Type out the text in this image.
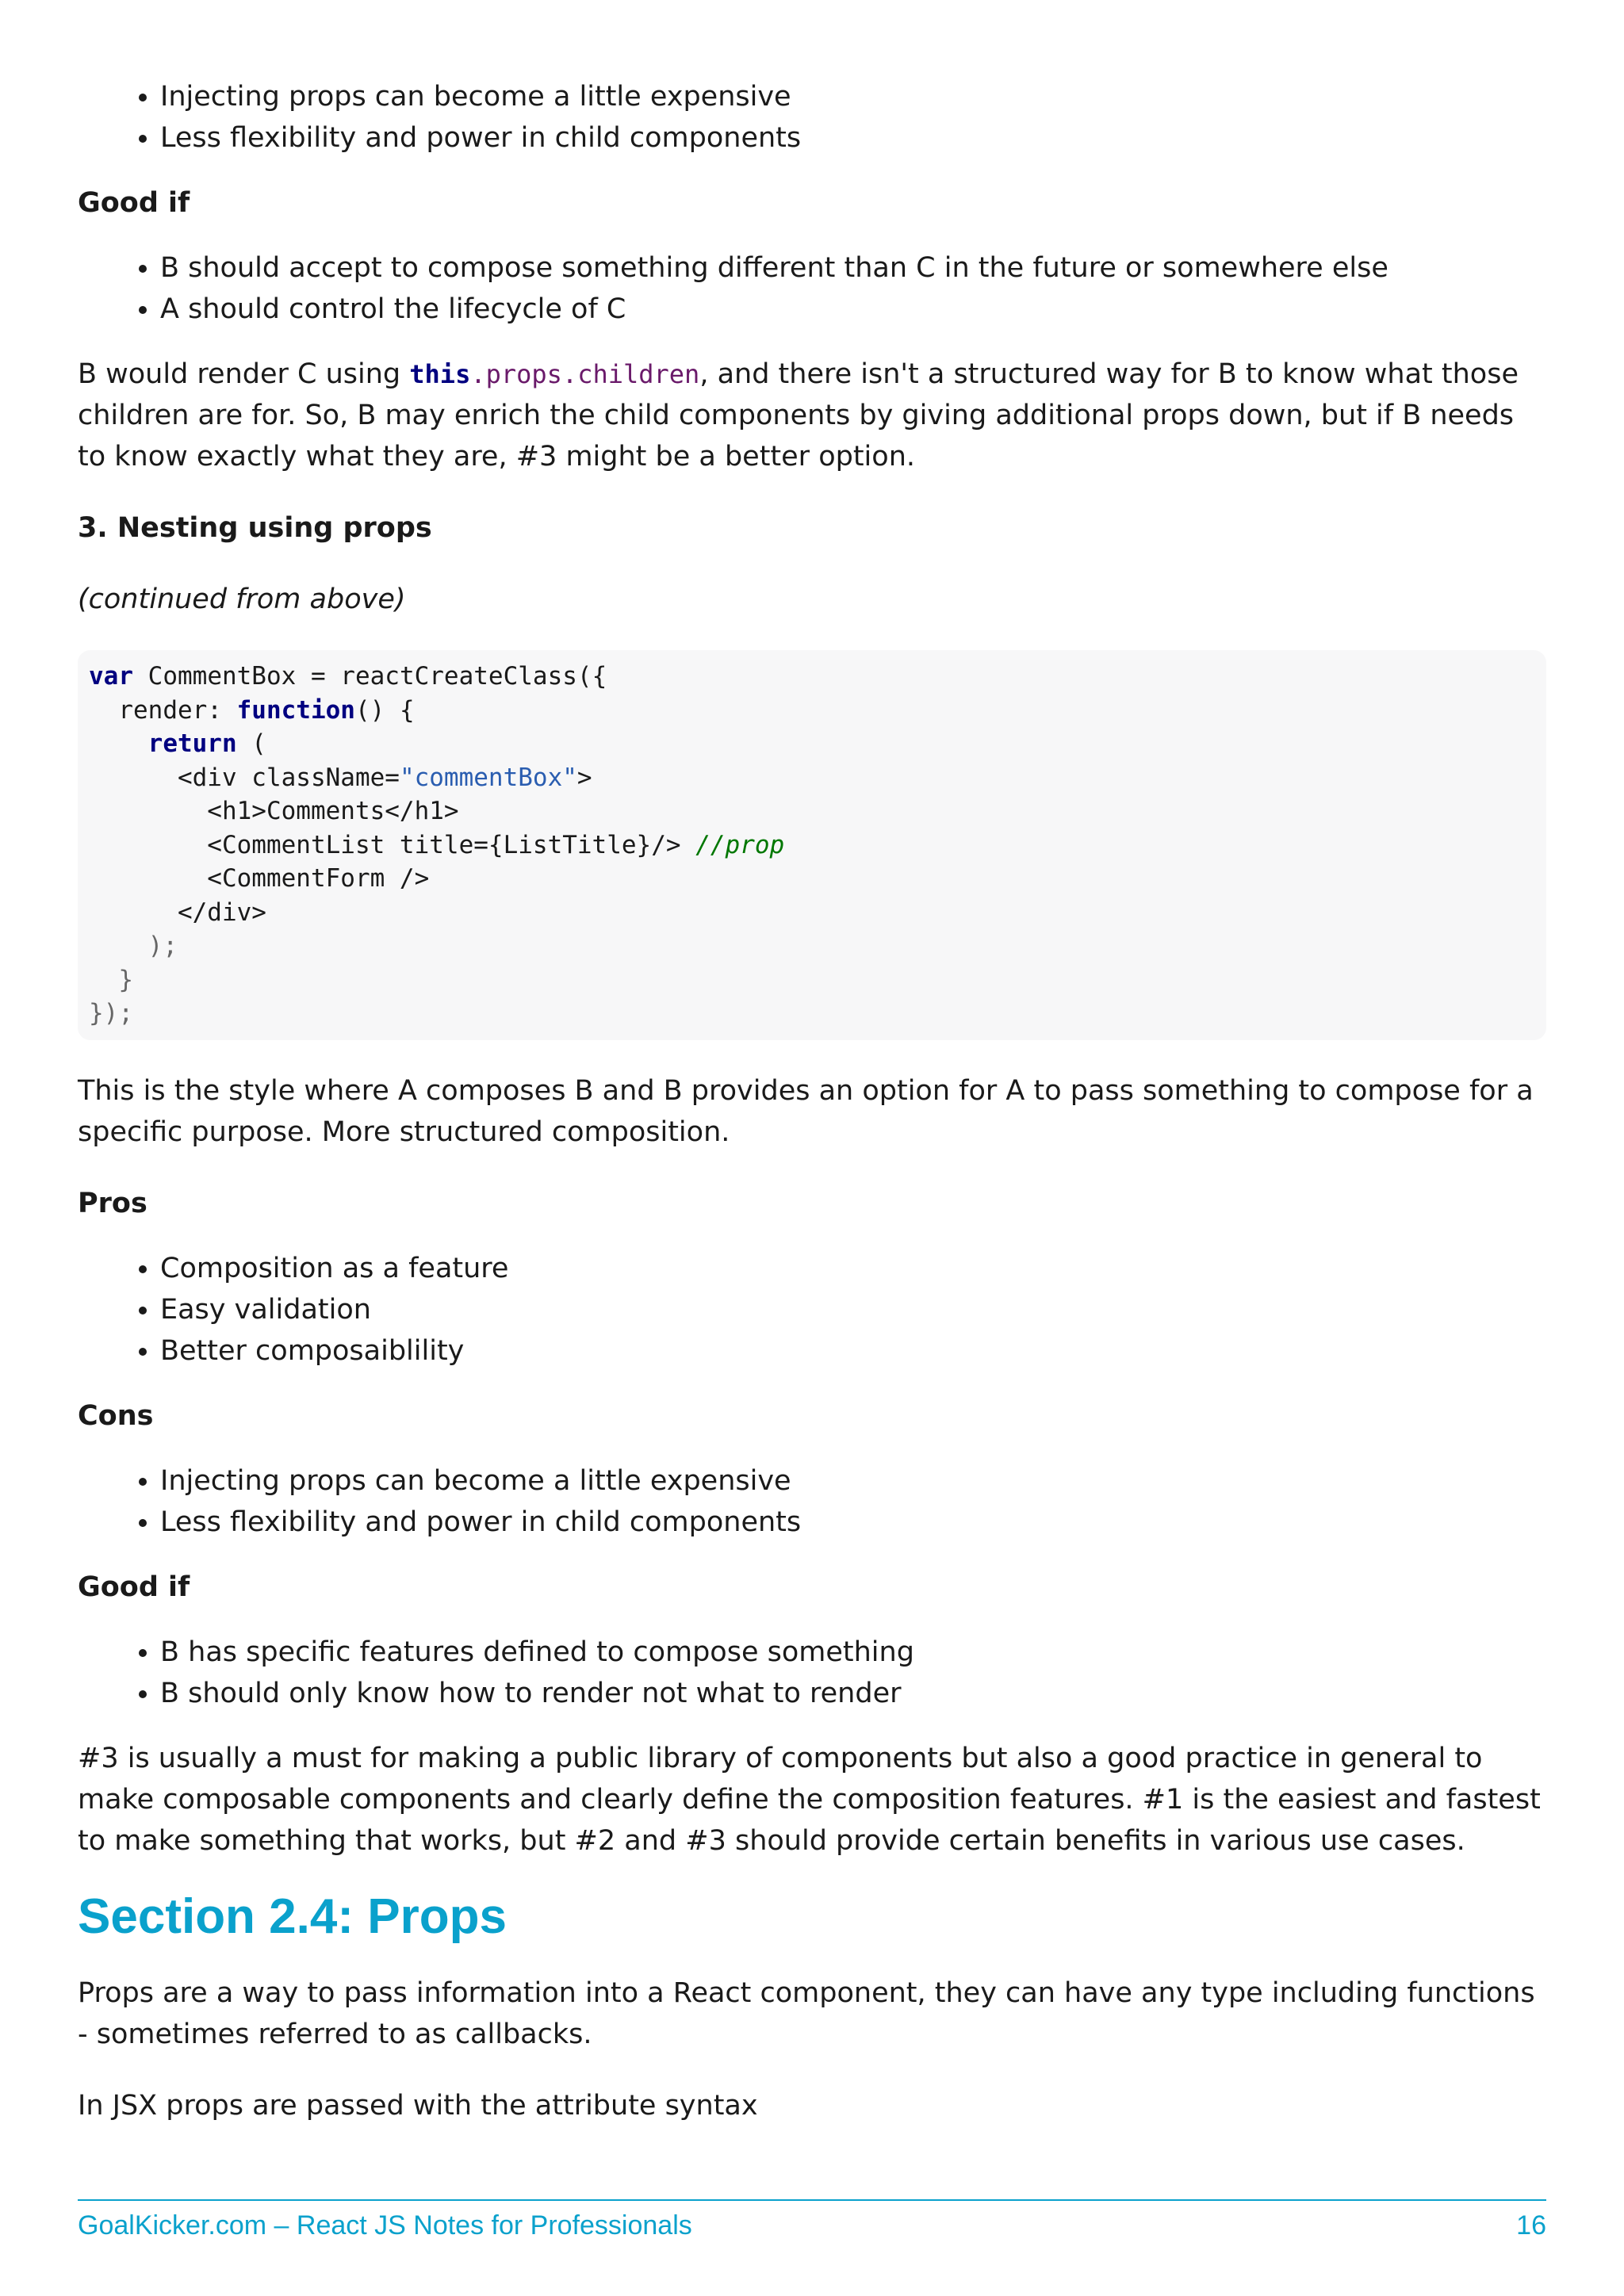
• Injecting props can become a little expensive
• Less flexibility and power in child components
Good if
• B should accept to compose something different than C in the future or somewhere else
• A should control the lifecycle of C
B would render C using this.props.children, and there isn't a structured way for B to know what those children are for. So, B may enrich the child components by giving additional props down, but if B needs to know exactly what they are, #3 might be a better option.
3. Nesting using props
(continued from above)
var CommentBox = reactCreateClass({
render: function() {
return (
<div className="commentBox">
<h1>Comments</h1>
<CommentList title={ListTitle}/> //prop
<CommentForm />
</div>
);
}
});
This is the style where A composes B and B provides an option for A to pass something to compose for a specific purpose. More structured composition.
Pros
• Composition as a feature
• Easy validation
• Better composaiblility
Cons
• Injecting props can become a little expensive
• Less flexibility and power in child components
Good if
• B has specific features defined to compose something
• B should only know how to render not what to render
#3 is usually a must for making a public library of components but also a good practice in general to make composable components and clearly define the composition features. #1 is the easiest and fastest to make something that works, but #2 and #3 should provide certain benefits in various use cases.
Section 2.4: Props
Props are a way to pass information into a React component, they can have any type including functions - sometimes referred to as callbacks.
In JSX props are passed with the attribute syntax
GoalKicker.com – React JS Notes for Professionals	16
